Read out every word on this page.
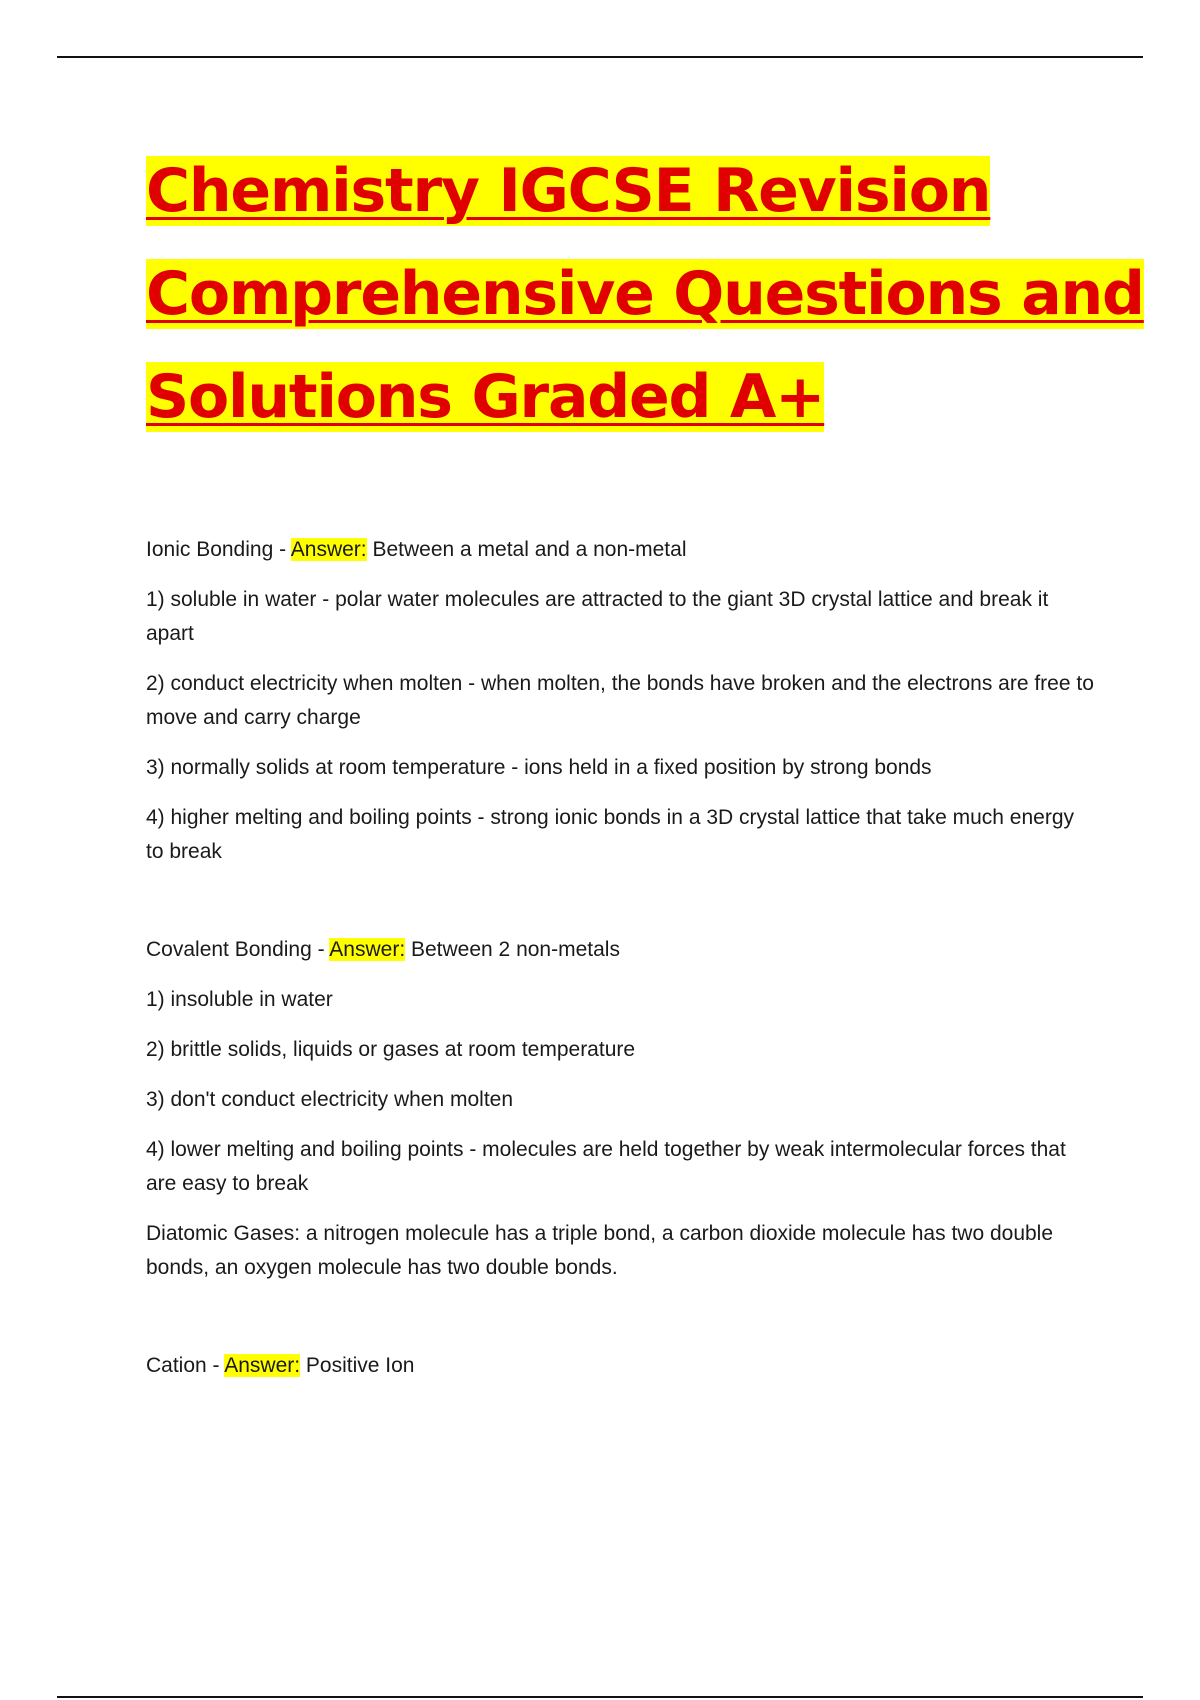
Chemistry IGCSE Revision
Comprehensive Questions and
Solutions Graded A+

Ionic Bonding - Answer: Between a metal and a non-metal

1) soluble in water - polar water molecules are attracted to the giant 3D crystal lattice and break it apart

2) conduct electricity when molten - when molten, the bonds have broken and the electrons are free to move and carry charge

3) normally solids at room temperature - ions held in a fixed position by strong bonds

4) higher melting and boiling points - strong ionic bonds in a 3D crystal lattice that take much energy to break

Covalent Bonding - Answer: Between 2 non-metals

1) insoluble in water

2) brittle solids, liquids or gases at room temperature

3) don't conduct electricity when molten

4) lower melting and boiling points - molecules are held together by weak intermolecular forces that are easy to break

Diatomic Gases: a nitrogen molecule has a triple bond, a carbon dioxide molecule has two double bonds, an oxygen molecule has two double bonds.

Cation - Answer: Positive Ion
